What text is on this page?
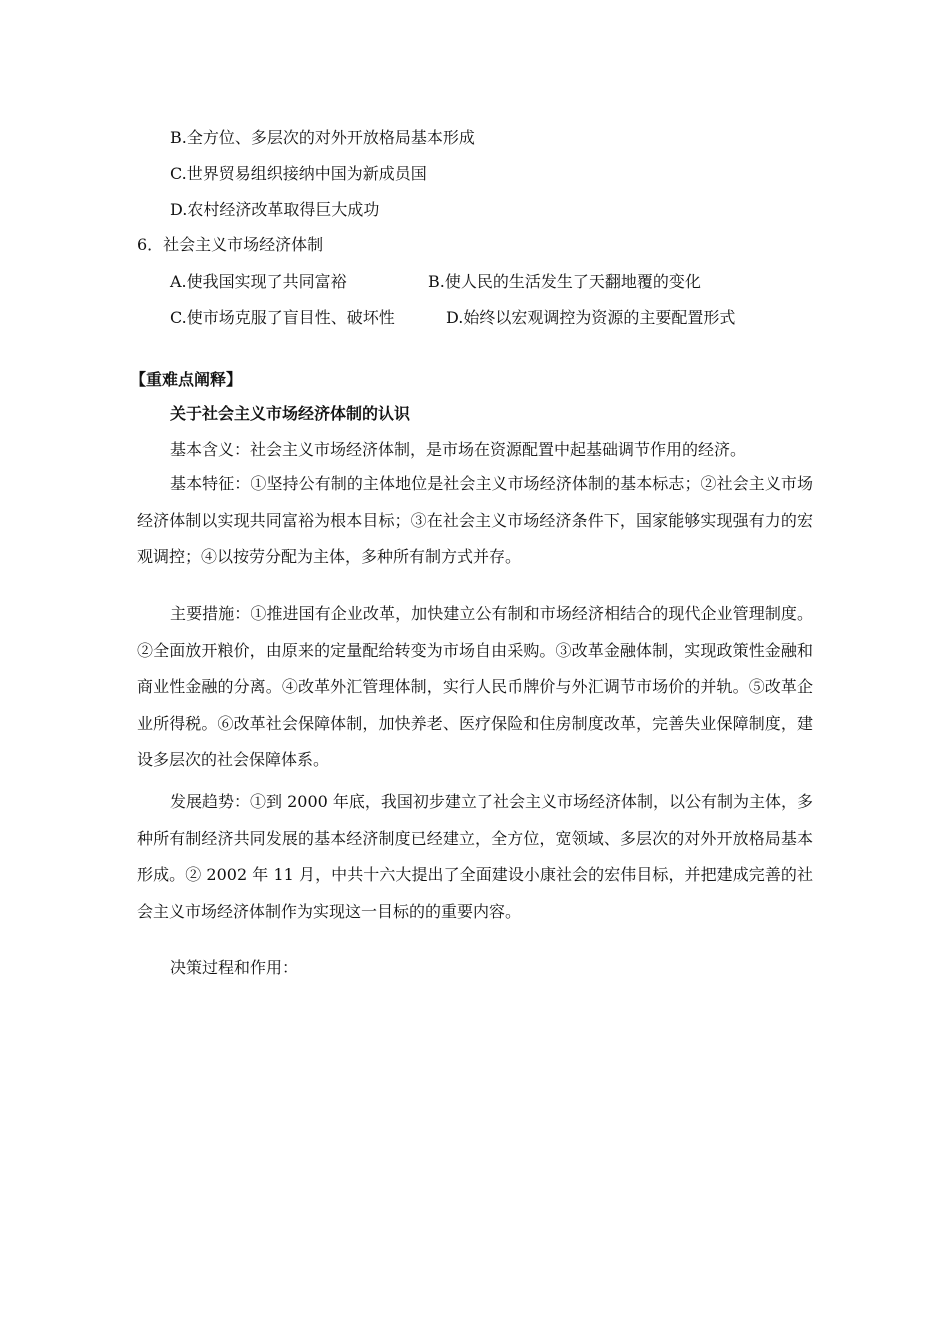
B.全方位、多层次的对外开放格局基本形成
C.世界贸易组织接纳中国为新成员国
D.农村经济改革取得巨大成功
6．社会主义市场经济体制
A.使我国实现了共同富裕	B.使人民的生活发生了天翻地覆的变化
C.使市场克服了盲目性、破坏性	D.始终以宏观调控为资源的主要配置形式
【重难点阐释】
关于社会主义市场经济体制的认识
基本含义：社会主义市场经济体制，是市场在资源配置中起基础调节作用的经济。

基本特征：①坚持公有制的主体地位是社会主义市场经济体制的基本标志；②社会主义市场经济体制以实现共同富裕为根本目标；③在社会主义市场经济条件下，国家能够实现强有力的宏观调控；④以按劳分配为主体，多种所有制方式并存。

主要措施：①推进国有企业改革，加快建立公有制和市场经济相结合的现代企业管理制度。②全面放开粮价，由原来的定量配给转变为市场自由采购。③改革金融体制，实现政策性金融和商业性金融的分离。④改革外汇管理体制，实行人民币牌价与外汇调节市场价的并轨。⑤改革企业所得税。⑥改革社会保障体制，加快养老、医疗保险和住房制度改革，完善失业保障制度，建设多层次的社会保障体系。

发展趋势：①到 2000 年底，我国初步建立了社会主义市场经济体制，以公有制为主体，多种所有制经济共同发展的基本经济制度已经建立，全方位，宽领域、多层次的对外开放格局基本形成。② 2002 年 11 月，中共十六大提出了全面建设小康社会的宏伟目标，并把建成完善的社会主义市场经济体制作为实现这一目标的的重要内容。

决策过程和作用：
